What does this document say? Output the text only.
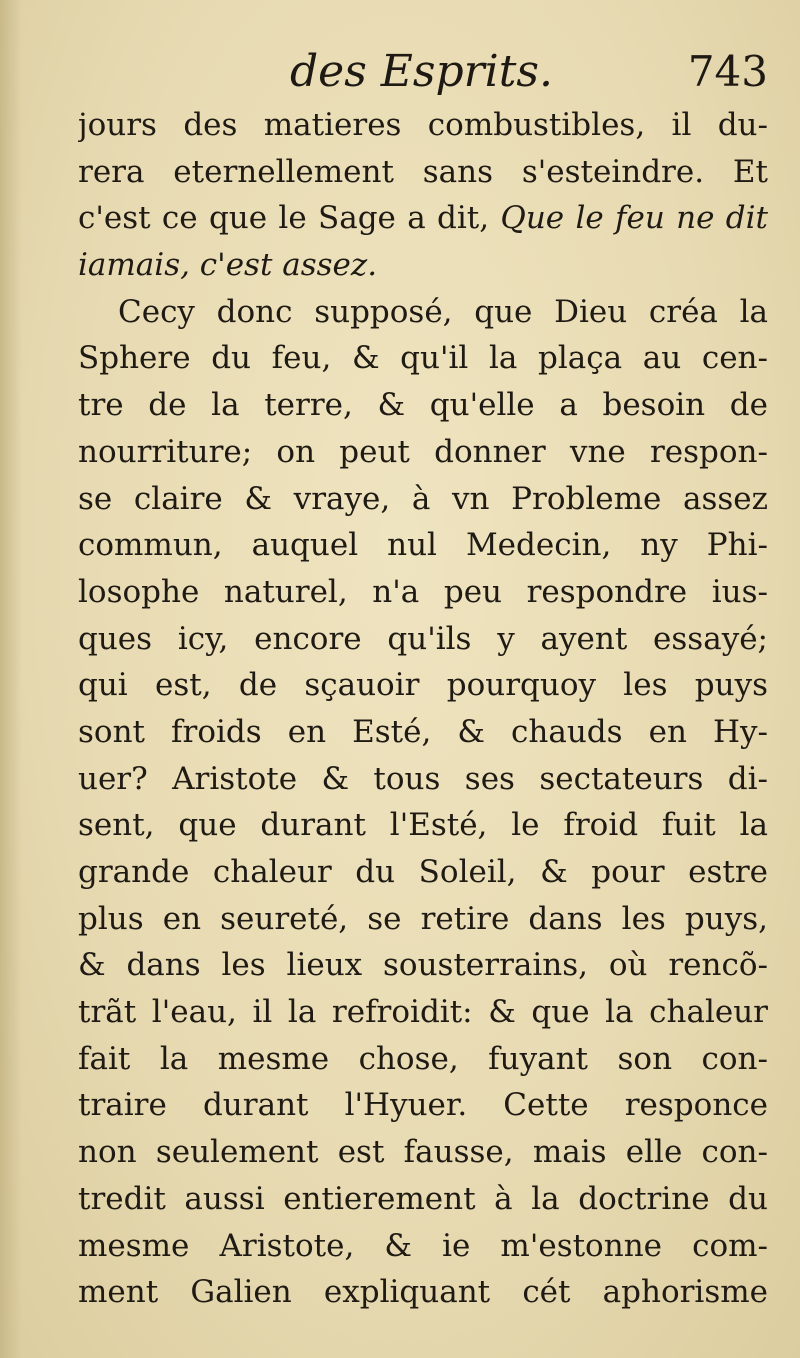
des Esprits.	743
jours des matieres combustibles, il du-
rera eternellement sans s'esteindre. Et
c'est ce que le Sage a dit, Que le feu ne dit
iamais, c'est assez.
Cecy donc supposé, que Dieu créa la
Sphere du feu, & qu'il la plaça au cen-
tre de la terre, & qu'elle a besoin de
nourriture; on peut donner vne respon-
se claire & vraye, à vn Probleme assez
commun, auquel nul Medecin, ny Phi-
losophe naturel, n'a peu respondre ius-
ques icy, encore qu'ils y ayent essayé;
qui est, de sçauoir pourquoy les puys
sont froids en Esté, & chauds en Hy-
uer? Aristote & tous ses sectateurs di-
sent, que durant l'Esté, le froid fuit la
grande chaleur du Soleil, & pour estre
plus en seureté, se retire dans les puys,
& dans les lieux sousterrains, où rencõ-
trãt l'eau, il la refroidit: & que la chaleur
fait la mesme chose, fuyant son con-
traire durant l'Hyuer. Cette responce
non seulement est fausse, mais elle con-
tredit aussi entierement à la doctrine du
mesme Aristote, & ie m'estonne com-
ment Galien expliquant cét aphorisme
